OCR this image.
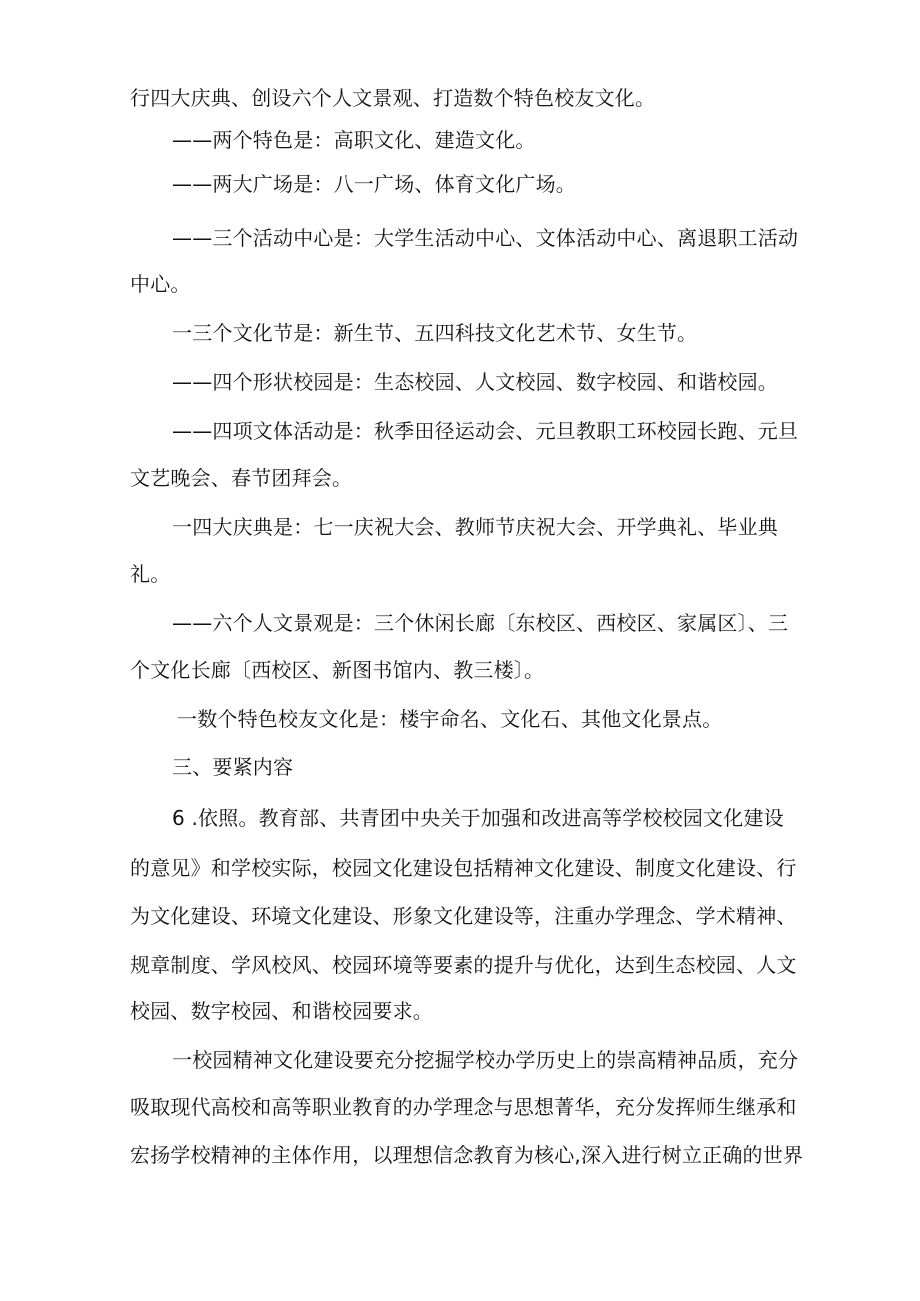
行四大庆典、创设六个人文景观、打造数个特色校友文化。
——两个特色是：高职文化、建造文化。
——两大广场是：八一广场、体育文化广场。
——三个活动中心是：大学生活动中心、文体活动中心、离退职工活动
中心。
一三个文化节是：新生节、五四科技文化艺术节、女生节。
——四个形状校园是：生态校园、人文校园、数字校园、和谐校园。
——四项文体活动是：秋季田径运动会、元旦教职工环校园长跑、元旦
文艺晚会、春节团拜会。
一四大庆典是：七一庆祝大会、教师节庆祝大会、开学典礼、毕业典
礼。
——六个人文景观是：三个休闲长廊〔东校区、西校区、家属区〕、三
个文化长廊〔西校区、新图书馆内、教三楼〕。
一数个特色校友文化是：楼宇命名、文化石、其他文化景点。
三、要紧内容
6 .依照。教育部、共青团中央关于加强和改进高等学校校园文化建设
的意见》和学校实际，校园文化建设包括精神文化建设、制度文化建设、行
为文化建设、环境文化建设、形象文化建设等，注重办学理念、学术精神、
规章制度、学风校风、校园环境等要素的提升与优化，达到生态校园、人文
校园、数字校园、和谐校园要求。
一校园精神文化建设要充分挖掘学校办学历史上的崇高精神品质，充分
吸取现代高校和高等职业教育的办学理念与思想菁华，充分发挥师生继承和
宏扬学校精神的主体作用，以理想信念教育为核心,深入进行树立正确的世界
